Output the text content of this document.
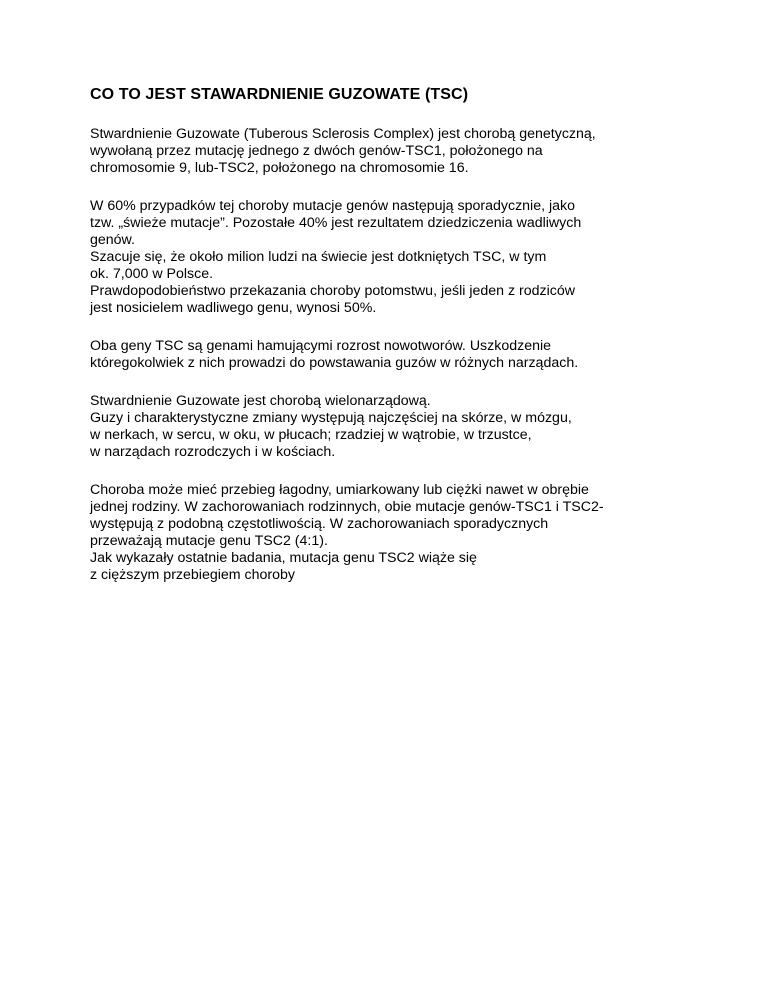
CO TO JEST STAWARDNIENIE GUZOWATE (TSC)
Stwardnienie Guzowate (Tuberous Sclerosis Complex) jest chorobą genetyczną,
wywołaną przez mutację jednego z dwóch genów-TSC1, położonego na
chromosomie 9, lub-TSC2, położonego na chromosomie 16.
W 60% przypadków tej choroby mutacje genów następują sporadycznie, jako
tzw. „świeże mutacje”. Pozostałe 40% jest rezultatem dziedziczenia wadliwych
genów.
Szacuje się, że około milion ludzi na świecie jest dotkniętych TSC, w tym
ok. 7,000 w Polsce.
Prawdopodobieństwo przekazania choroby potomstwu, jeśli jeden z rodziców
jest nosicielem wadliwego genu, wynosi 50%.
Oba geny TSC są genami hamującymi rozrost nowotworów. Uszkodzenie
któregokolwiek z nich prowadzi do powstawania guzów w różnych narządach.
Stwardnienie Guzowate jest chorobą wielonarządową.
Guzy i charakterystyczne zmiany występują najczęściej na skórze, w mózgu,
w nerkach, w sercu, w oku, w płucach; rzadziej w wątrobie, w trzustce,
w narządach rozrodczych i w kościach.
Choroba może mieć przebieg łagodny, umiarkowany lub ciężki nawet w obrębie
jednej rodziny. W zachorowaniach rodzinnych, obie mutacje genów-TSC1 i TSC2-
występują z podobną częstotliwością. W zachorowaniach sporadycznych
przeważają mutacje genu TSC2 (4:1).
Jak wykazały ostatnie badania, mutacja genu TSC2 wiąże się
z cięższym przebiegiem choroby
